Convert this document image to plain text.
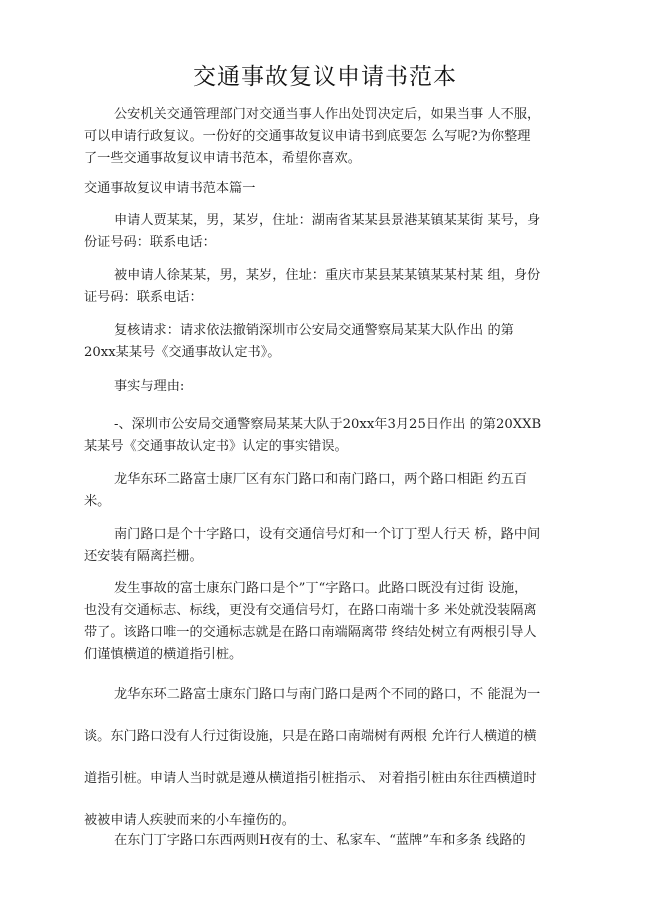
交通事故复议申请书范本
公安机关交通管理部门对交通当事人作出处罚决定后，如果当事 人不服，
可以申请行政复议。一份好的交通事故复议申请书到底要怎 么写呢?为你整理
了一些交通事故复议申请书范本，希望你喜欢。
交通事故复议申请书范本篇一
申请人贾某某，男，某岁，住址：湖南省某某县景港某镇某某街 某号，身
份证号码：联系电话：
被申请人徐某某，男，某岁，住址：重庆市某县某某镇某某村某 组，身份
证号码：联系电话：
复核请求：请求依法撤销深圳市公安局交通警察局某某大队作出 的第
20xx某某号《交通事故认定书》。
事实与理由:
-、深圳市公安局交通警察局某某大队于20xx年3月25日作出 的第20XXB
某某号《交通事故认定书》认定的事实错误。
龙华东环二路富士康厂区有东门路口和南门路口，两个路口相距 约五百
米。
南门路口是个十字路口，设有交通信号灯和一个订丁型人行天 桥，路中间
还安装有隔离拦栅。
发生事故的富士康东门路口是个”丁“字路口。此路口既没有过街 设施，
也没有交通标志、标线，更没有交通信号灯，在路口南端十多 米处就没装隔离
带了。该路口唯一的交通标志就是在路口南端隔离带 终结处树立有两根引导人
们谨慎横道的横道指引桩。
龙华东环二路富士康东门路口与南门路口是两个不同的路口，不 能混为一
谈。东门路口没有人行过街设施，只是在路口南端树有两根 允许行人横道的横
道指引桩。申请人当时就是遵从横道指引桩指示、 对着指引桩由东往西横道时
被被申请人疾驶而来的小车撞伤的。
在东门丁字路口东西两则H夜有的士、私家车、“蓝牌”车和多条 线路的
